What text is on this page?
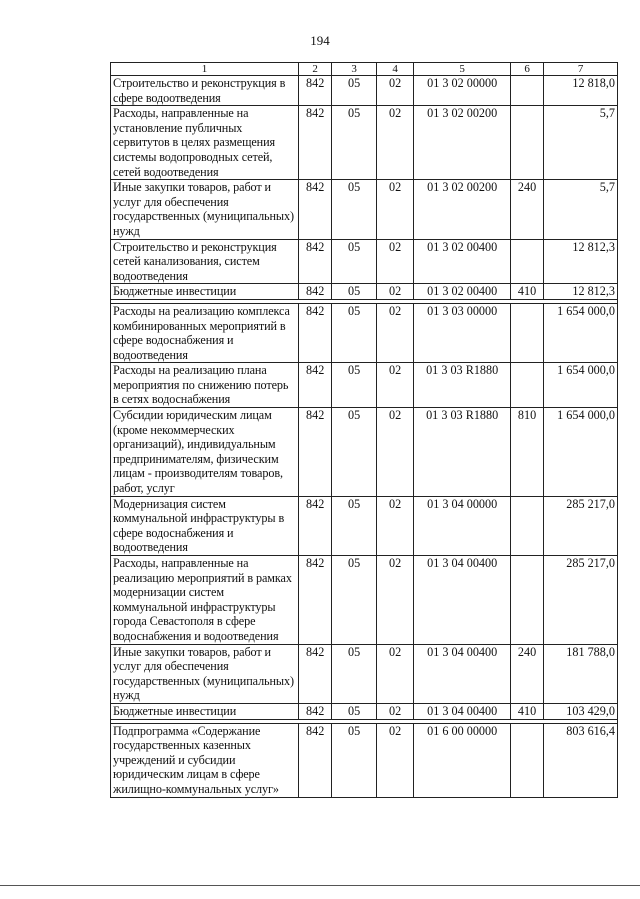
194
1	2	3	4	5	6	7
Строительство и реконструкция в сфере водоотведения	842	05	02	01 3 02 00000		12 818,0
Расходы, направленные на установление публичных сервитутов в целях размещения системы водопроводных сетей, сетей водоотведения	842	05	02	01 3 02 00200		5,7
Иные закупки товаров, работ и услуг для обеспечения государственных (муниципальных) нужд	842	05	02	01 3 02 00200	240	5,7
Строительство и реконструкция сетей канализования, систем водоотведения	842	05	02	01 3 02 00400		12 812,3
Бюджетные инвестиции	842	05	02	01 3 02 00400	410	12 812,3

Расходы на реализацию комплекса комбинированных мероприятий в сфере водоснабжения и водоотведения	842	05	02	01 3 03 00000		1 654 000,0
Расходы на реализацию плана мероприятия по снижению потерь в сетях водоснабжения	842	05	02	01 3 03 R1880		1 654 000,0
Субсидии юридическим лицам (кроме некоммерческих организаций), индивидуальным предпринимателям, физическим лицам - производителям товаров, работ, услуг	842	05	02	01 3 03 R1880	810	1 654 000,0
Модернизация систем коммунальной инфраструктуры в сфере водоснабжения и водоотведения	842	05	02	01 3 04 00000		285 217,0
Расходы, направленные на реализацию мероприятий в рамках модернизации систем коммунальной инфраструктуры города Севастополя в сфере водоснабжения и водоотведения	842	05	02	01 3 04 00400		285 217,0
Иные закупки товаров, работ и услуг для обеспечения государственных (муниципальных) нужд	842	05	02	01 3 04 00400	240	181 788,0
Бюджетные инвестиции	842	05	02	01 3 04 00400	410	103 429,0

Подпрограмма «Содержание государственных казенных учреждений и субсидии юридическим лицам в сфере жилищно-коммунальных услуг»	842	05	02	01 6 00 00000		803 616,4
